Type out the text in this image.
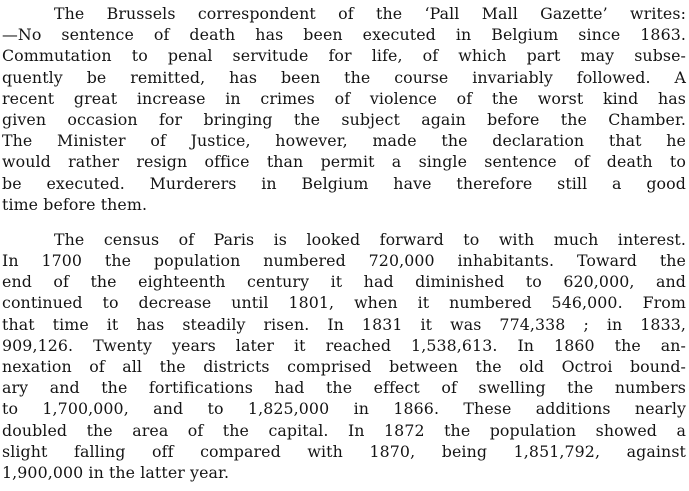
The Brussels correspondent of the ‘Pall Mall Gazette’ writes:
—No sentence of death has been executed in Belgium since 1863.
Commutation to penal servitude for life, of which part may subse-
quently be remitted, has been the course invariably followed. A
recent great increase in crimes of violence of the worst kind has
given occasion for bringing the subject again before the Chamber.
The Minister of Justice, however, made the declaration that he
would rather resign office than permit a single sentence of death to
be executed. Murderers in Belgium have therefore still a good
time before them.
The census of Paris is looked forward to with much interest.
In 1700 the population numbered 720,000 inhabitants. Toward the
end of the eighteenth century it had diminished to 620,000, and
continued to decrease until 1801, when it numbered 546,000. From
that time it has steadily risen. In 1831 it was 774,338 ; in 1833,
909,126. Twenty years later it reached 1,538,613. In 1860 the an-
nexation of all the districts comprised between the old Octroi bound-
ary and the fortifications had the effect of swelling the numbers
to 1,700,000, and to 1,825,000 in 1866. These additions nearly
doubled the area of the capital. In 1872 the population showed a
slight falling off compared with 1870, being 1,851,792, against
1,900,000 in the latter year.
